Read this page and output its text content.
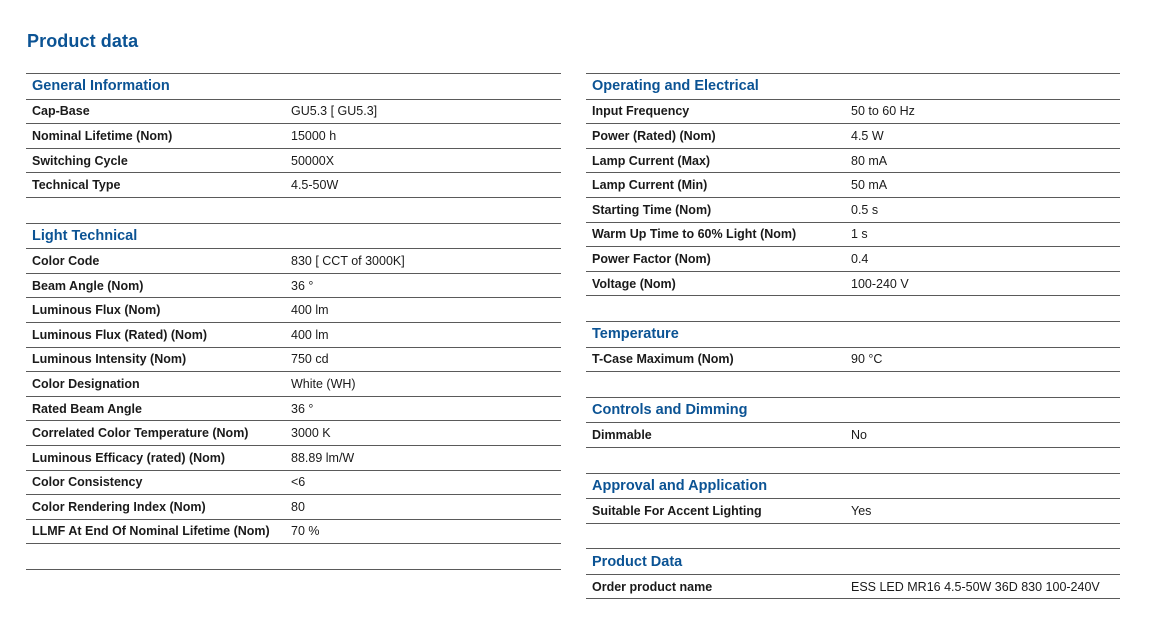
Product data
General Information
Cap-Base	GU5.3 [ GU5.3]
Nominal Lifetime (Nom)	15000 h
Switching Cycle	50000X
Technical Type	4.5-50W
Light Technical
Color Code	830 [ CCT of 3000K]
Beam Angle (Nom)	36 °
Luminous Flux (Nom)	400 lm
Luminous Flux (Rated) (Nom)	400 lm
Luminous Intensity (Nom)	750 cd
Color Designation	White (WH)
Rated Beam Angle	36 °
Correlated Color Temperature (Nom)	3000 K
Luminous Efficacy (rated) (Nom)	88.89 lm/W
Color Consistency	<6
Color Rendering Index (Nom)	80
LLMF At End Of Nominal Lifetime (Nom)	70 %
Operating and Electrical
Input Frequency	50 to 60 Hz
Power (Rated) (Nom)	4.5 W
Lamp Current (Max)	80 mA
Lamp Current (Min)	50 mA
Starting Time (Nom)	0.5 s
Warm Up Time to 60% Light (Nom)	1 s
Power Factor (Nom)	0.4
Voltage (Nom)	100-240 V
Temperature
T-Case Maximum (Nom)	90 °C
Controls and Dimming
Dimmable	No
Approval and Application
Suitable For Accent Lighting	Yes
Product Data
Order product name	ESS LED MR16 4.5-50W 36D 830 100-240V
